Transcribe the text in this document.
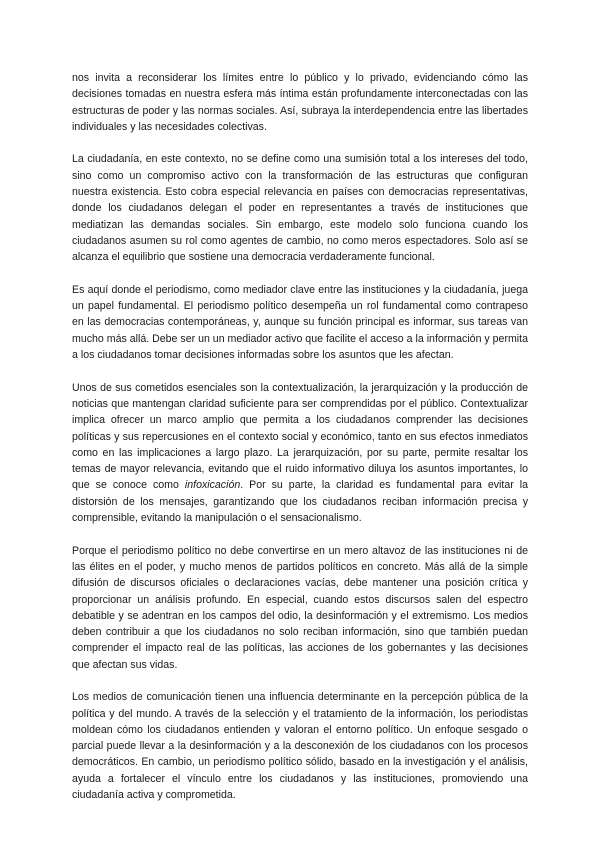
nos invita a reconsiderar los límites entre lo público y lo privado, evidenciando cómo las decisiones tomadas en nuestra esfera más íntima están profundamente interconectadas con las estructuras de poder y las normas sociales. Así, subraya la interdependencia entre las libertades individuales y las necesidades colectivas.

La ciudadanía, en este contexto, no se define como una sumisión total a los intereses del todo, sino como un compromiso activo con la transformación de las estructuras que configuran nuestra existencia. Esto cobra especial relevancia en países con democracias representativas, donde los ciudadanos delegan el poder en representantes a través de instituciones que mediatizan las demandas sociales. Sin embargo, este modelo solo funciona cuando los ciudadanos asumen su rol como agentes de cambio, no como meros espectadores. Solo así se alcanza el equilibrio que sostiene una democracia verdaderamente funcional.

Es aquí donde el periodismo, como mediador clave entre las instituciones y la ciudadanía, juega un papel fundamental. El periodismo político desempeña un rol fundamental como contrapeso en las democracias contemporáneas, y, aunque su función principal es informar, sus tareas van mucho más allá. Debe ser un un mediador activo que facilite el acceso a la información y permita a los ciudadanos tomar decisiones informadas sobre los asuntos que les afectan.

Unos de sus cometidos esenciales son la contextualización, la jerarquización y la producción de noticias que mantengan claridad suficiente para ser comprendidas por el público. Contextualizar implica ofrecer un marco amplio que permita a los ciudadanos comprender las decisiones políticas y sus repercusiones en el contexto social y económico, tanto en sus efectos inmediatos como en las implicaciones a largo plazo. La jerarquización, por su parte, permite resaltar los temas de mayor relevancia, evitando que el ruido informativo diluya los asuntos importantes, lo que se conoce como infoxicación. Por su parte, la claridad es fundamental para evitar la distorsión de los mensajes, garantizando que los ciudadanos reciban información precisa y comprensible, evitando la manipulación o el sensacionalismo.

Porque el periodismo político no debe convertirse en un mero altavoz de las instituciones ni de las élites en el poder, y mucho menos de partidos políticos en concreto. Más allá de la simple difusión de discursos oficiales o declaraciones vacías, debe mantener una posición crítica y proporcionar un análisis profundo. En especial, cuando estos discursos salen del espectro debatible y se adentran en los campos del odio, la desinformación y el extremismo. Los medios deben contribuir a que los ciudadanos no solo reciban información, sino que también puedan comprender el impacto real de las políticas, las acciones de los gobernantes y las decisiones que afectan sus vidas.

Los medios de comunicación tienen una influencia determinante en la percepción pública de la política y del mundo. A través de la selección y el tratamiento de la información, los periodistas moldean cómo los ciudadanos entienden y valoran el entorno político. Un enfoque sesgado o parcial puede llevar a la desinformación y a la desconexión de los ciudadanos con los procesos democráticos. En cambio, un periodismo político sólido, basado en la investigación y el análisis, ayuda a fortalecer el vínculo entre los ciudadanos y las instituciones, promoviendo una ciudadanía activa y comprometida.
